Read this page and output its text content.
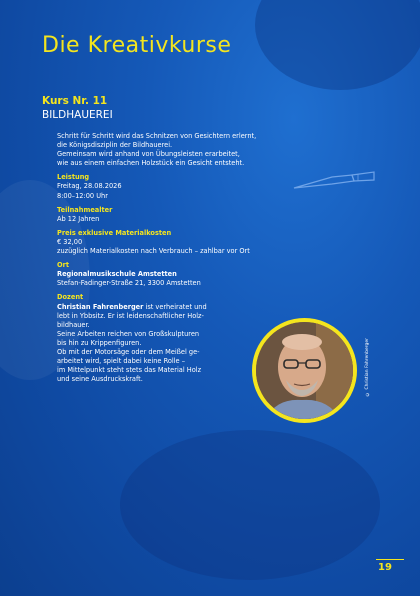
Die Kreativkurse
Kurs Nr. 11
BILDHAUEREI
Schritt für Schritt wird das Schnitzen von Gesichtern erlernt,
die Königsdisziplin der Bildhauerei.
Gemeinsam wird anhand von Übungsleisten erarbeitet,
wie aus einem einfachen Holzstück ein Gesicht entsteht.
Leistung
Freitag, 28.08.2026
8:00–12:00 Uhr
Teilnahmealter
Ab 12 Jahren
Preis exklusive Materialkosten
€ 32,00
zuzüglich Materialkosten nach Verbrauch – zahlbar vor Ort
Ort
Regionalmusikschule Amstetten
Stefan-Fadinger-Straße 21, 3300 Amstetten
Dozent
Christian Fahrenberger ist verheiratet und
lebt in Ybbsitz. Er ist leidenschaftlicher Holz-
bildhauer.
Seine Arbeiten reichen von Großskulpturen
bis hin zu Krippenfiguren.
Ob mit der Motorsäge oder dem Meißel ge-
arbeitet wird, spielt dabei keine Rolle –
im Mittelpunkt steht stets das Material Holz
und seine Ausdruckskraft.	© Christian Fahrenberger
19
